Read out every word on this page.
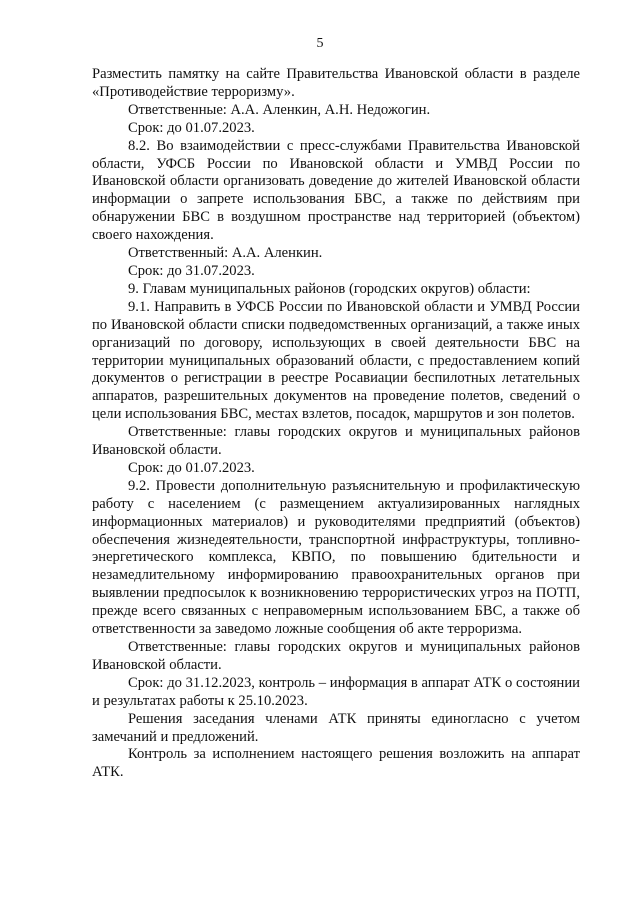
5

Разместить памятку на сайте Правительства Ивановской области в разделе «Противодействие терроризму».

Ответственные: А.А. Аленкин, А.Н. Недожогин.

Срок: до 01.07.2023.

8.2. Во взаимодействии с пресс-службами Правительства Ивановской области, УФСБ России по Ивановской области и УМВД России по Ивановской области организовать доведение до жителей Ивановской области информации о запрете использования БВС, а также по действиям при обнаружении БВС в воздушном пространстве над территорией (объектом) своего нахождения.

Ответственный: А.А. Аленкин.

Срок: до 31.07.2023.

9. Главам муниципальных районов (городских округов) области:

9.1. Направить в УФСБ России по Ивановской области и УМВД России по Ивановской области списки подведомственных организаций, а также иных организаций по договору, использующих в своей деятельности БВС на территории муниципальных образований области, с предоставлением копий документов о регистрации в реестре Росавиации беспилотных летательных аппаратов, разрешительных документов на проведение полетов, сведений о цели использования БВС, местах взлетов, посадок, маршрутов и зон полетов.

Ответственные: главы городских округов и муниципальных районов Ивановской области.

Срок: до 01.07.2023.

9.2. Провести дополнительную разъяснительную и профилактическую работу с населением (с размещением актуализированных наглядных информационных материалов) и руководителями предприятий (объектов) обеспечения жизнедеятельности, транспортной инфраструктуры, топливно-энергетического комплекса, КВПО, по повышению бдительности и незамедлительному информированию правоохранительных органов при выявлении предпосылок к возникновению террористических угроз на ПОТП, прежде всего связанных с неправомерным использованием БВС, а также об ответственности за заведомо ложные сообщения об акте терроризма.

Ответственные: главы городских округов и муниципальных районов Ивановской области.

Срок: до 31.12.2023, контроль – информация в аппарат АТК о состоянии и результатах работы к 25.10.2023.

Решения заседания членами АТК приняты единогласно с учетом замечаний и предложений.

Контроль за исполнением настоящего решения возложить на аппарат АТК.
